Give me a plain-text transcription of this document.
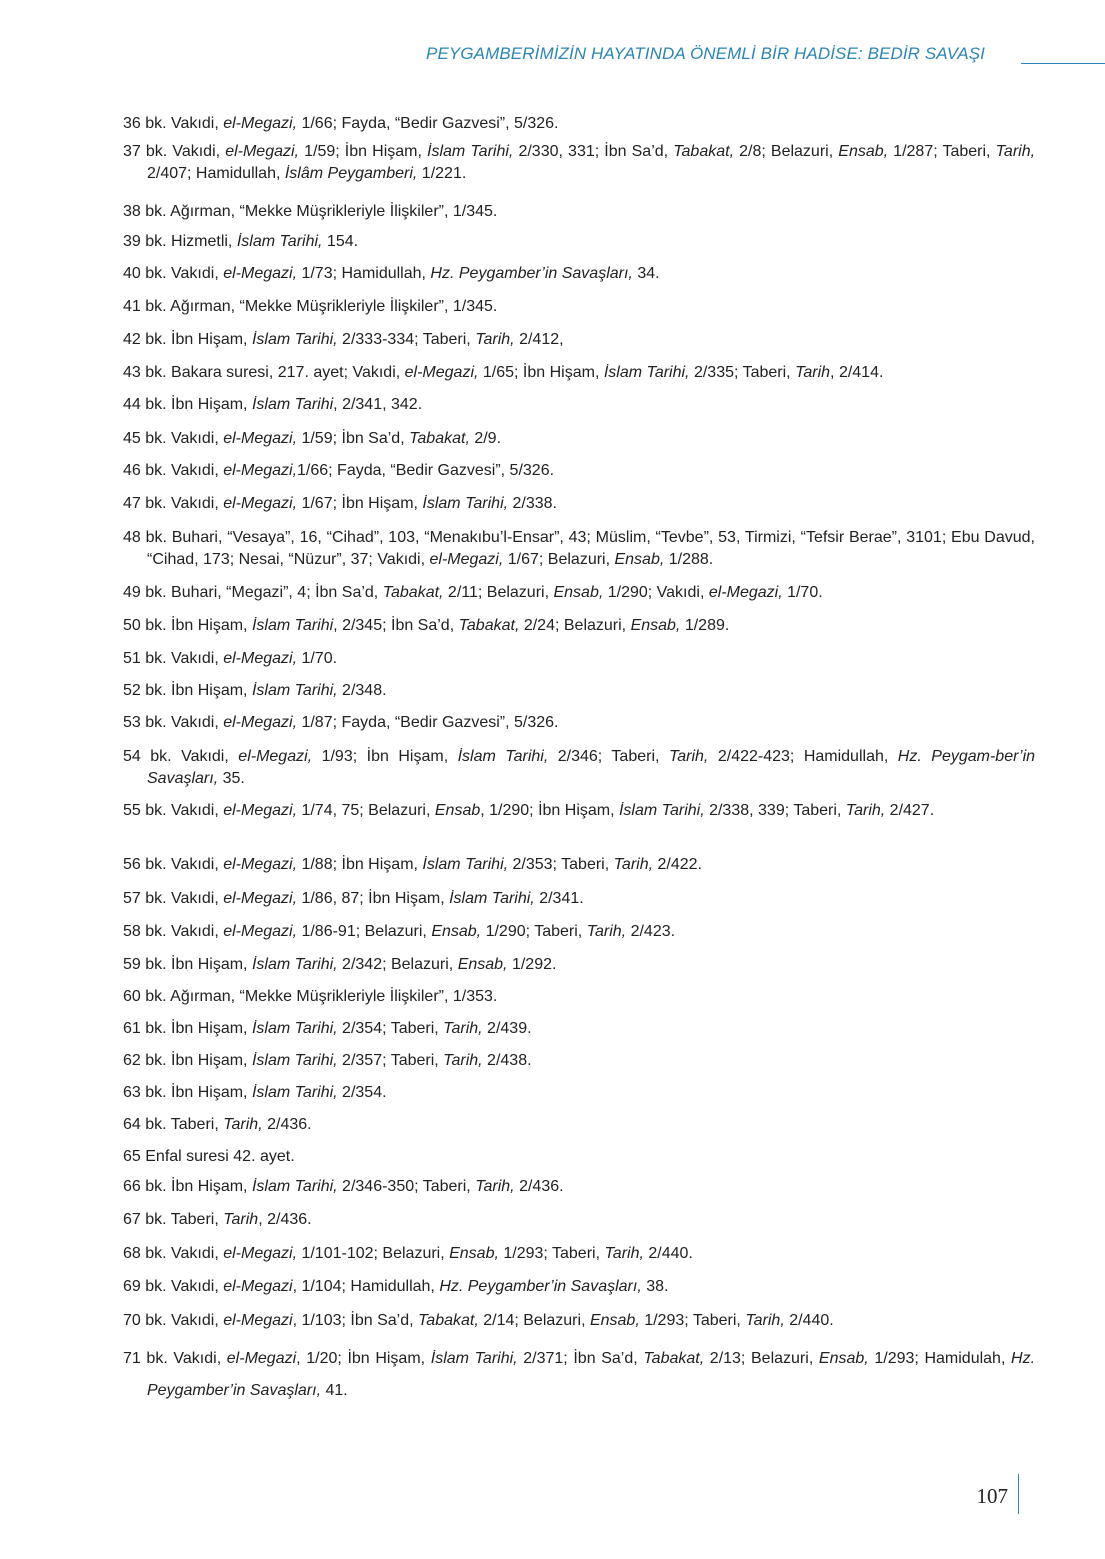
PEYGAMBERİMİZİN HAYATINDA ÖNEMLİ BİR HADİSE: BEDİR SAVAŞI
36 bk. Vakıdi, el-Megazi, 1/66; Fayda, “Bedir Gazvesi”, 5/326.
37 bk. Vakıdi, el-Megazi, 1/59; İbn Hişam, İslam Tarihi, 2/330, 331; İbn Sa’d, Tabakat, 2/8; Belazuri, Ensab, 1/287; Taberi, Tarih, 2/407; Hamidullah, İslâm Peygamberi, 1/221.
38 bk. Ağırman, “Mekke Müşrikleriyle İlişkiler”, 1/345.
39 bk. Hizmetli, İslam Tarihi, 154.
40 bk. Vakıdi, el-Megazi, 1/73; Hamidullah, Hz. Peygamber’in Savaşları, 34.
41 bk. Ağırman, “Mekke Müşrikleriyle İlişkiler”, 1/345.
42 bk. İbn Hişam, İslam Tarihi, 2/333-334; Taberi, Tarih, 2/412,
43 bk. Bakara suresi, 217. ayet; Vakıdi, el-Megazi, 1/65; İbn Hişam, İslam Tarihi, 2/335; Taberi, Tarih, 2/414.
44 bk. İbn Hişam, İslam Tarihi, 2/341, 342.
45 bk. Vakıdi, el-Megazi, 1/59; İbn Sa’d, Tabakat, 2/9.
46 bk. Vakıdi, el-Megazi,1/66; Fayda, “Bedir Gazvesi”, 5/326.
47 bk. Vakıdi, el-Megazi, 1/67; İbn Hişam, İslam Tarihi, 2/338.
48 bk. Buhari, “Vesaya”, 16, “Cihad”, 103, “Menakıbu’l-Ensar”, 43; Müslim, “Tevbe”, 53, Tirmizi, “Tefsir Berae”, 3101; Ebu Davud, “Cihad, 173; Nesai, “Nüzur”, 37; Vakıdi, el-Megazi, 1/67; Belazuri, Ensab, 1/288.
49 bk. Buhari, “Megazi”, 4; İbn Sa’d, Tabakat, 2/11; Belazuri, Ensab, 1/290; Vakıdi, el-Megazi, 1/70.
50 bk. İbn Hişam, İslam Tarihi, 2/345; İbn Sa’d, Tabakat, 2/24; Belazuri, Ensab, 1/289.
51 bk. Vakıdi, el-Megazi, 1/70.
52 bk. İbn Hişam, İslam Tarihi, 2/348.
53 bk. Vakıdi, el-Megazi, 1/87; Fayda, “Bedir Gazvesi”, 5/326.
54 bk. Vakıdi, el-Megazi, 1/93; İbn Hişam, İslam Tarihi, 2/346; Taberi, Tarih, 2/422-423; Hamidullah, Hz. Peygam-ber’in Savaşları, 35.
55 bk. Vakıdi, el-Megazi, 1/74, 75; Belazuri, Ensab, 1/290; İbn Hişam, İslam Tarihi, 2/338, 339; Taberi, Tarih, 2/427.
56 bk. Vakıdi, el-Megazi, 1/88; İbn Hişam, İslam Tarihi, 2/353; Taberi, Tarih, 2/422.
57 bk. Vakıdi, el-Megazi, 1/86, 87; İbn Hişam, İslam Tarihi, 2/341.
58 bk. Vakıdi, el-Megazi, 1/86-91; Belazuri, Ensab, 1/290; Taberi, Tarih, 2/423.
59 bk. İbn Hişam, İslam Tarihi, 2/342; Belazuri, Ensab, 1/292.
60 bk. Ağırman, “Mekke Müşrikleriyle İlişkiler”, 1/353.
61 bk. İbn Hişam, İslam Tarihi, 2/354; Taberi, Tarih, 2/439.
62 bk. İbn Hişam, İslam Tarihi, 2/357; Taberi, Tarih, 2/438.
63 bk. İbn Hişam, İslam Tarihi, 2/354.
64 bk. Taberi, Tarih, 2/436.
65 Enfal suresi 42. ayet.
66 bk. İbn Hişam, İslam Tarihi, 2/346-350; Taberi, Tarih, 2/436.
67 bk. Taberi, Tarih, 2/436.
68 bk. Vakıdi, el-Megazi, 1/101-102; Belazuri, Ensab, 1/293; Taberi, Tarih, 2/440.
69 bk. Vakıdi, el-Megazi, 1/104; Hamidullah, Hz. Peygamber’in Savaşları, 38.
70 bk. Vakıdi, el-Megazi, 1/103; İbn Sa’d, Tabakat, 2/14; Belazuri, Ensab, 1/293; Taberi, Tarih, 2/440.
71 bk. Vakıdi, el-Megazi, 1/20; İbn Hişam, İslam Tarihi, 2/371; İbn Sa’d, Tabakat, 2/13; Belazuri, Ensab, 1/293; Hamidulah, Hz. Peygamber’in Savaşları, 41.
107
